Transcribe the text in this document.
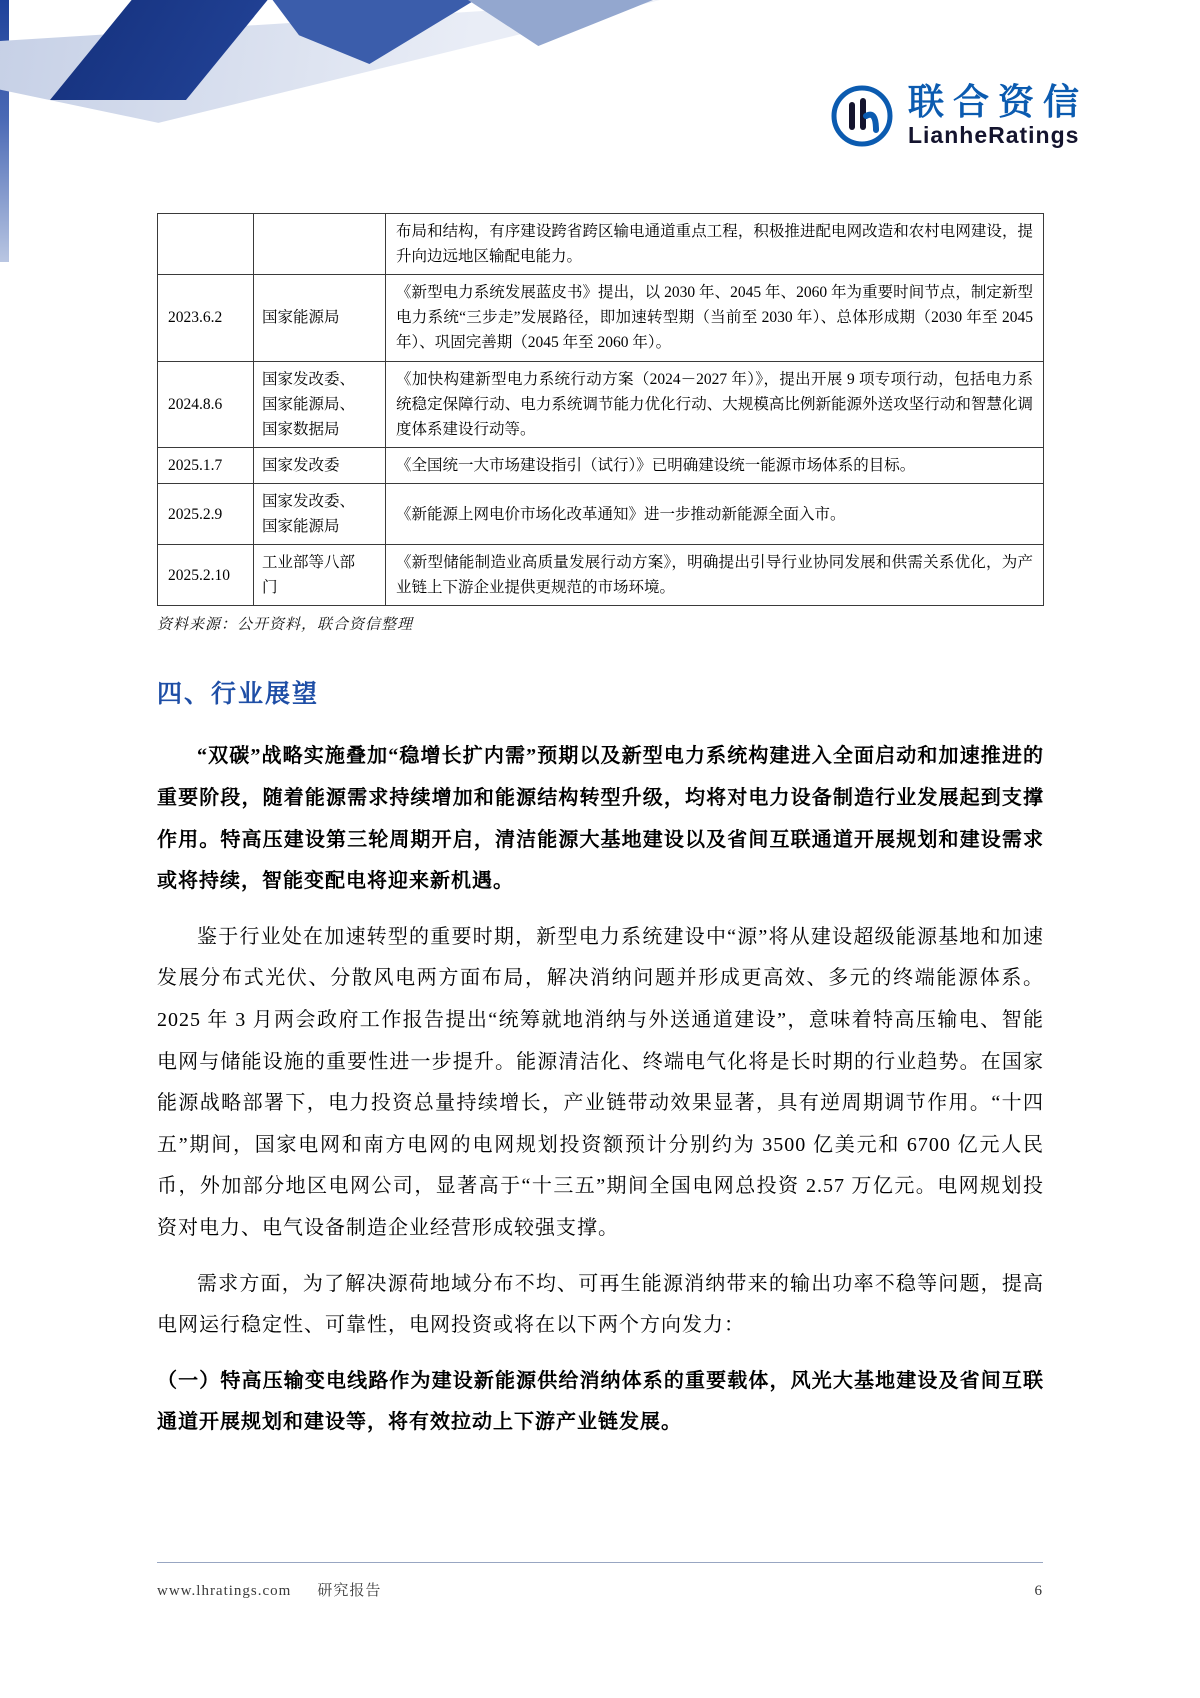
联合资信
LianheRatings
		布局和结构，有序建设跨省跨区输电通道重点工程，积极推进配电网改造和农村电网建设，提升向边远地区输配电能力。
2023.6.2	国家能源局	《新型电力系统发展蓝皮书》提出，以 2030 年、2045 年、2060 年为重要时间节点，制定新型电力系统“三步走”发展路径，即加速转型期（当前至 2030 年）、总体形成期（2030 年至 2045 年）、巩固完善期（2045 年至 2060 年）。
2024.8.6	国家发改委、国家能源局、国家数据局	《加快构建新型电力系统行动方案（2024－2027 年）》，提出开展 9 项专项行动，包括电力系统稳定保障行动、电力系统调节能力优化行动、大规模高比例新能源外送攻坚行动和智慧化调度体系建设行动等。
2025.1.7	国家发改委	《全国统一大市场建设指引（试行）》已明确建设统一能源市场体系的目标。
2025.2.9	国家发改委、国家能源局	《新能源上网电价市场化改革通知》进一步推动新能源全面入市。
2025.2.10	工业部等八部门	《新型储能制造业高质量发展行动方案》，明确提出引导行业协同发展和供需关系优化，为产业链上下游企业提供更规范的市场环境。
资料来源：公开资料，联合资信整理
四、行业展望

“双碳”战略实施叠加“稳增长扩内需”预期以及新型电力系统构建进入全面启动和加速推进的重要阶段，随着能源需求持续增加和能源结构转型升级，均将对电力设备制造行业发展起到支撑作用。特高压建设第三轮周期开启，清洁能源大基地建设以及省间互联通道开展规划和建设需求或将持续，智能变配电将迎来新机遇。

鉴于行业处在加速转型的重要时期，新型电力系统建设中“源”将从建设超级能源基地和加速发展分布式光伏、分散风电两方面布局，解决消纳问题并形成更高效、多元的终端能源体系。2025 年 3 月两会政府工作报告提出“统筹就地消纳与外送通道建设”，意味着特高压输电、智能电网与储能设施的重要性进一步提升。能源清洁化、终端电气化将是长时期的行业趋势。在国家能源战略部署下，电力投资总量持续增长，产业链带动效果显著，具有逆周期调节作用。“十四五”期间，国家电网和南方电网的电网规划投资额预计分别约为 3500 亿美元和 6700 亿元人民币，外加部分地区电网公司，显著高于“十三五”期间全国电网总投资 2.57 万亿元。电网规划投资对电力、电气设备制造企业经营形成较强支撑。

需求方面，为了解决源荷地域分布不均、可再生能源消纳带来的输出功率不稳等问题，提高电网运行稳定性、可靠性，电网投资或将在以下两个方向发力：

（一）特高压输变电线路作为建设新能源供给消纳体系的重要载体，风光大基地建设及省间互联通道开展规划和建设等，将有效拉动上下游产业链发展。

www.lhratings.com 研究报告	6
